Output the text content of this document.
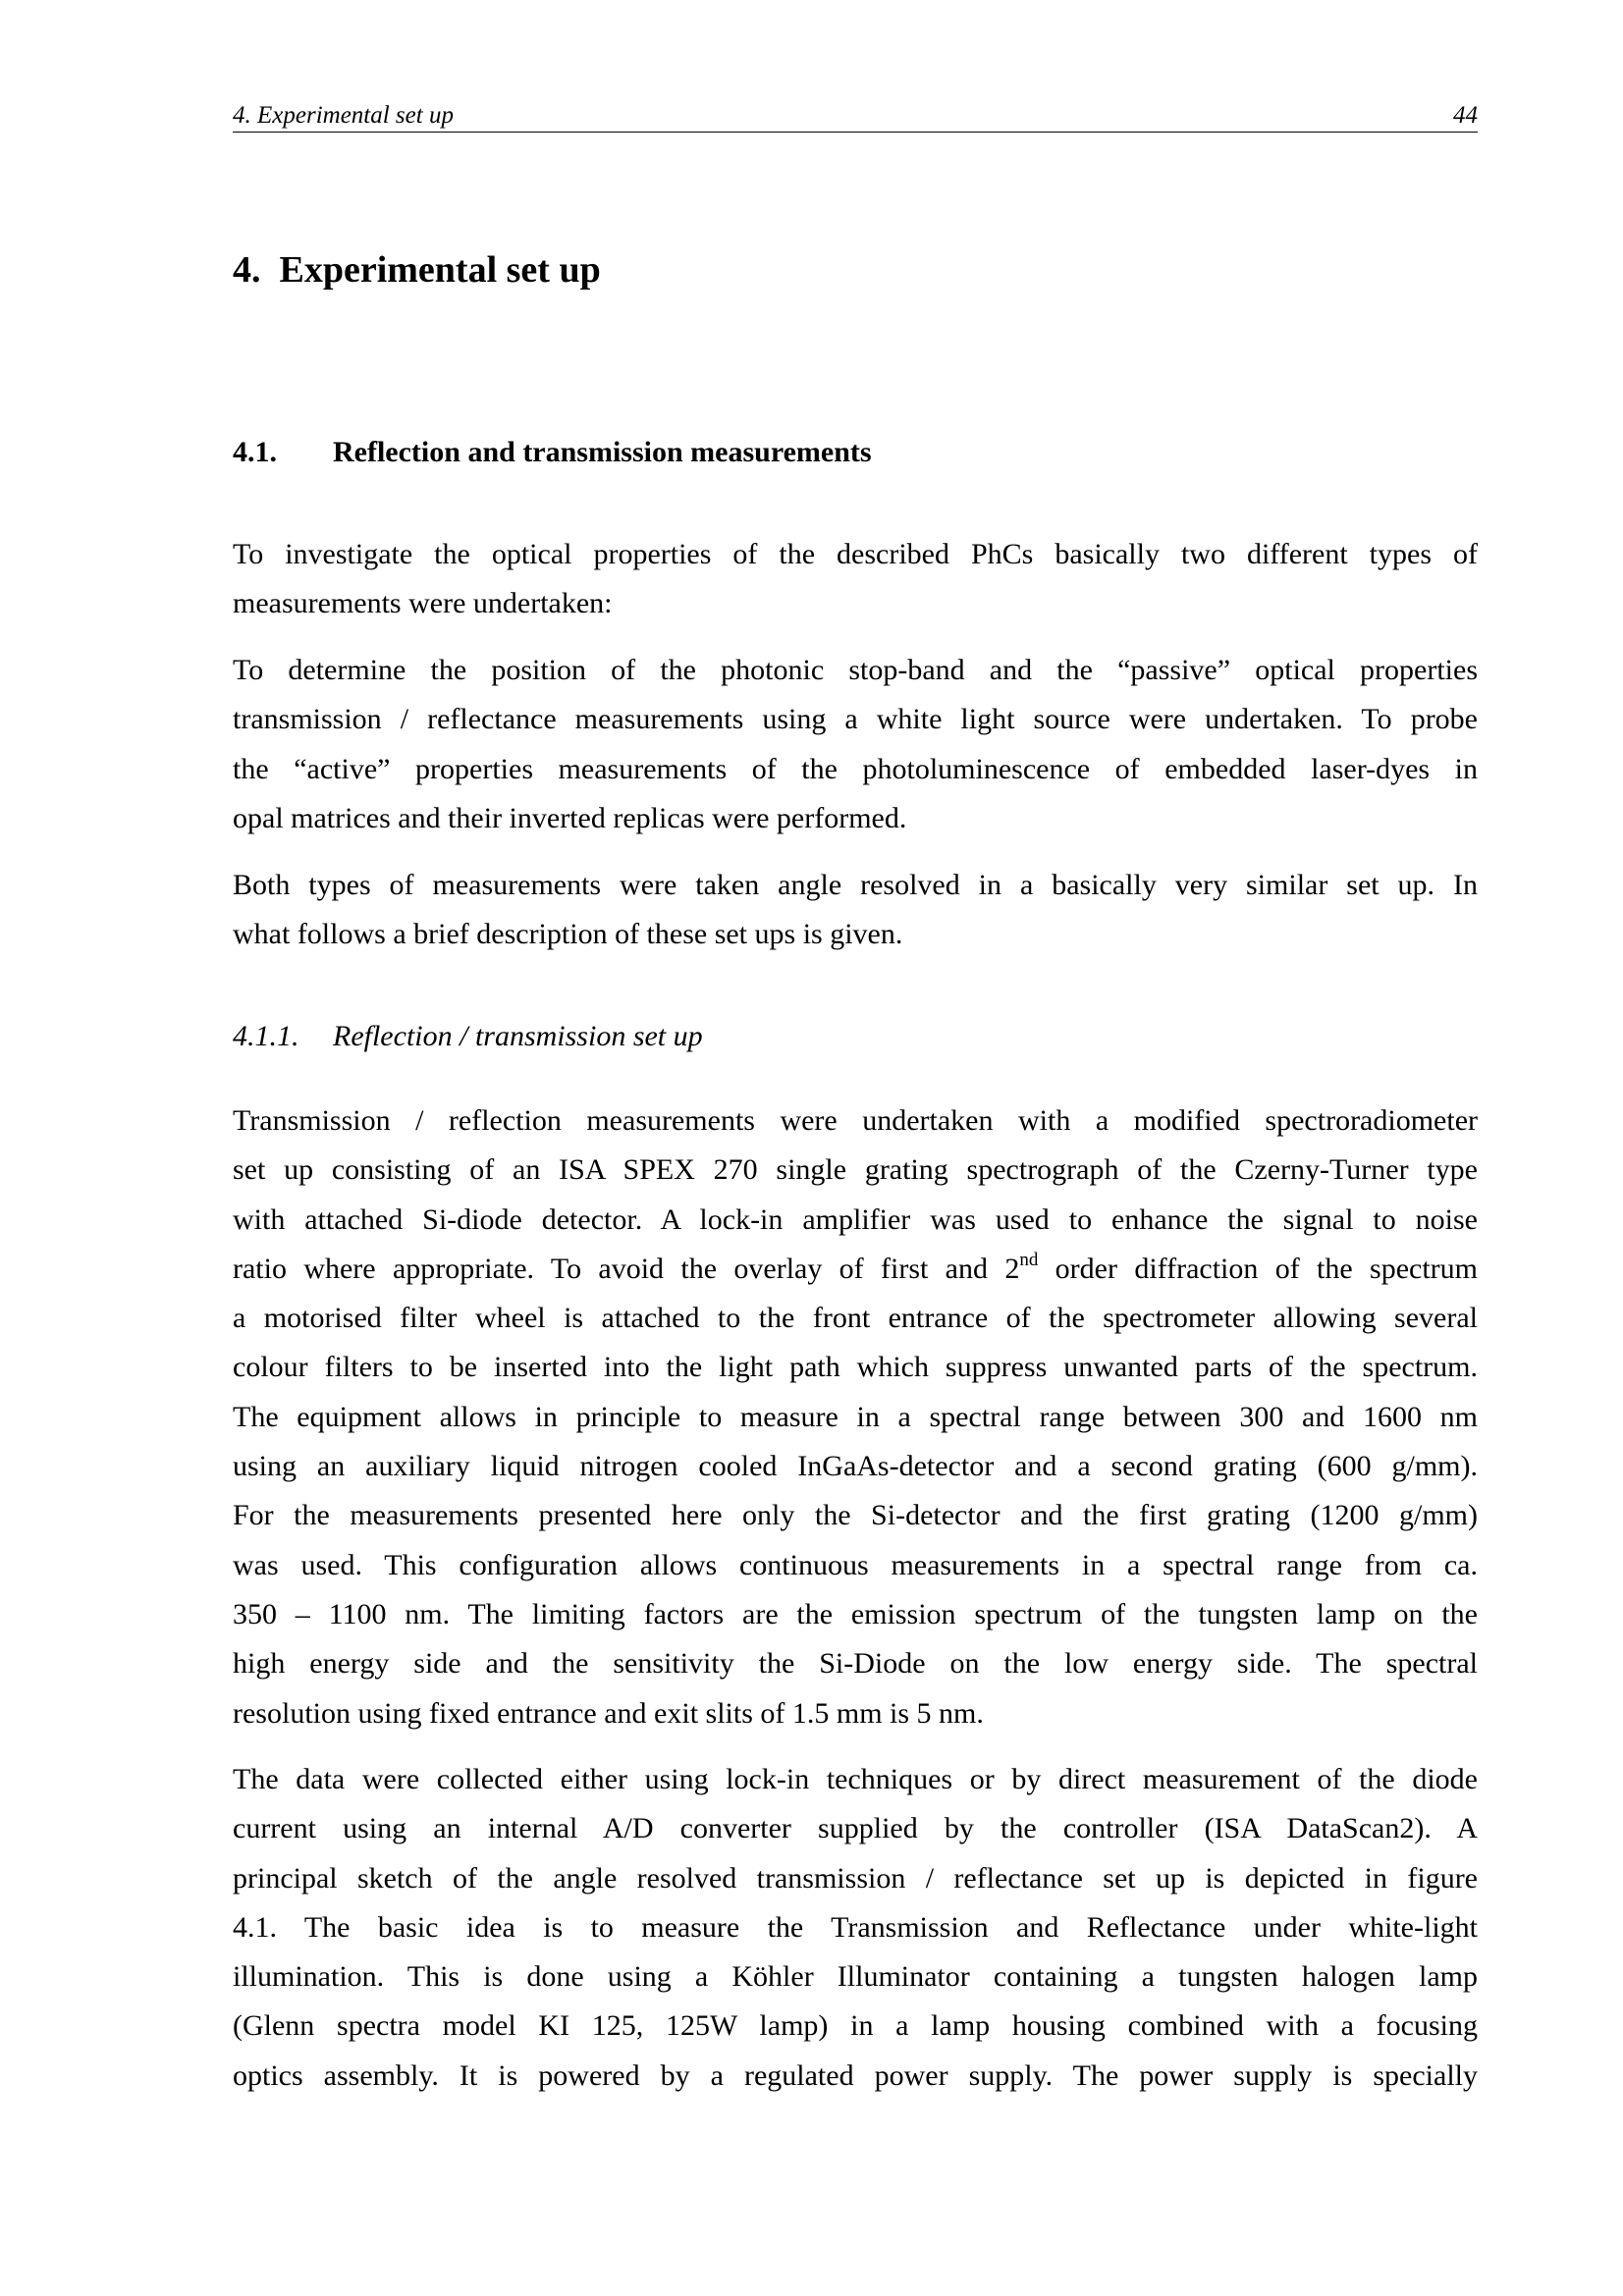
4. Experimental set up	44
4.  Experimental set up
4.1. Reflection and transmission measurements
To investigate the optical properties of the described PhCs basically two different types of
measurements were undertaken:
To determine the position of the photonic stop-band and the “passive” optical properties
transmission / reflectance measurements using a white light source were undertaken. To probe
the “active” properties measurements of the photoluminescence of embedded laser-dyes in
opal matrices and their inverted replicas were performed.
Both types of measurements were taken angle resolved in a basically very similar set up. In
what follows a brief description of these set ups is given.
4.1.1. Reflection / transmission set up
Transmission / reflection measurements were undertaken with a modified spectroradiometer
set up consisting of an ISA SPEX 270 single grating spectrograph of the Czerny-Turner type
with attached Si-diode detector. A lock-in amplifier was used to enhance the signal to noise
ratio where appropriate. To avoid the overlay of first and 2nd order diffraction of the spectrum
a motorised filter wheel is attached to the front entrance of the spectrometer allowing several
colour filters to be inserted into the light path which suppress unwanted parts of the spectrum.
The equipment allows in principle to measure in a spectral range between 300 and 1600 nm
using an auxiliary liquid nitrogen cooled InGaAs-detector and a second grating (600 g/mm).
For the measurements presented here only the Si-detector and the first grating (1200 g/mm)
was used. This configuration allows continuous measurements in a spectral range from ca.
350 – 1100 nm. The limiting factors are the emission spectrum of the tungsten lamp on the
high energy side and the sensitivity the Si-Diode on the low energy side. The spectral
resolution using fixed entrance and exit slits of 1.5 mm is 5 nm.
The data were collected either using lock-in techniques or by direct measurement of the diode
current using an internal A/D converter supplied by the controller (ISA DataScan2). A
principal sketch of the angle resolved transmission / reflectance set up is depicted in figure
4.1. The basic idea is to measure the Transmission and Reflectance under white-light
illumination. This is done using a Köhler Illuminator containing a tungsten halogen lamp
(Glenn spectra model KI 125, 125W lamp) in a lamp housing combined with a focusing
optics assembly. It is powered by a regulated power supply. The power supply is specially
